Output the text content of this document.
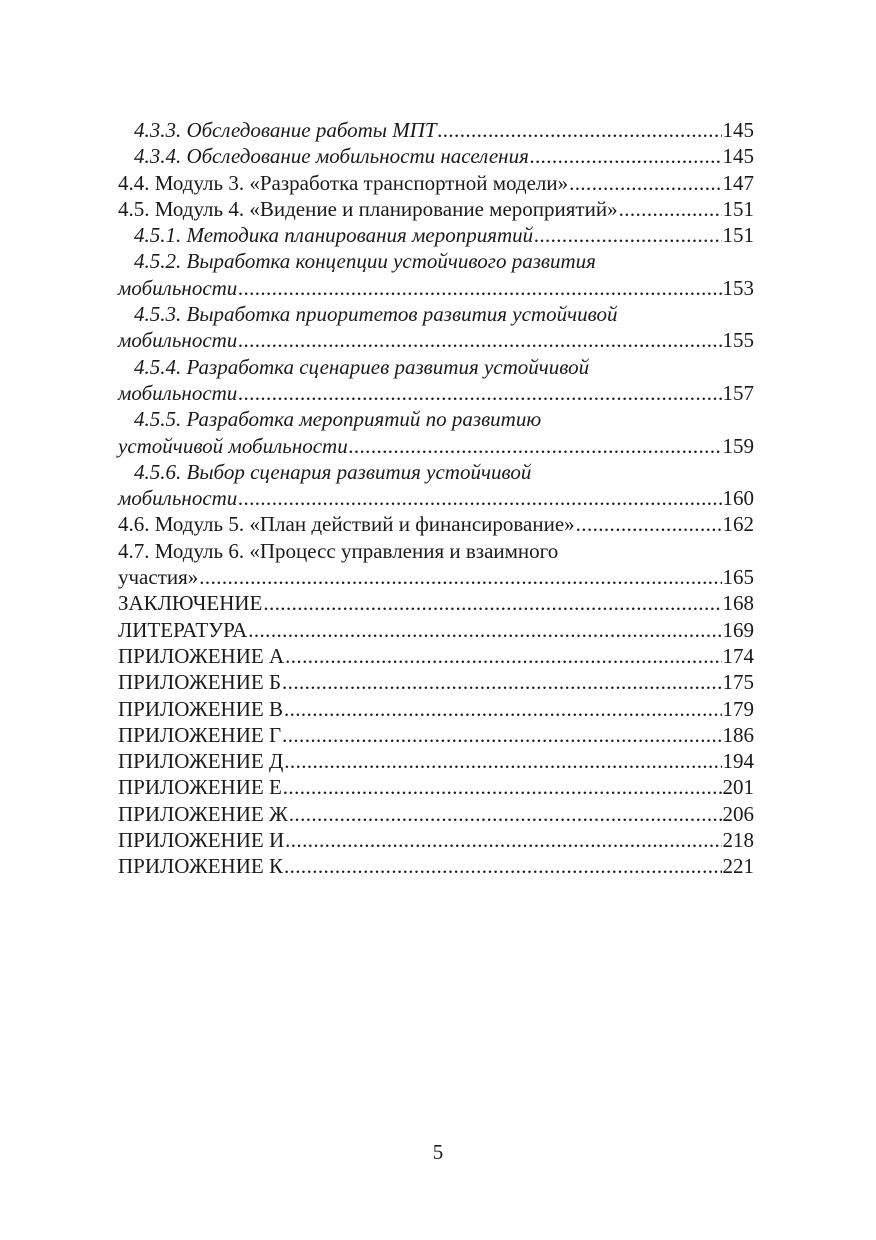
4.3.3. Обследование работы МПТ .....	145
4.3.4. Обследование мобильности населения .....	145
4.4. Модуль 3. «Разработка транспортной модели» .....	147
4.5. Модуль 4. «Видение и планирование мероприятий» .....	151
4.5.1. Методика планирования мероприятий .....	151
4.5.2. Выработка концепции устойчивого развития
мобильности .....	153
4.5.3. Выработка приоритетов развития устойчивой
мобильности .....	155
4.5.4. Разработка сценариев развития устойчивой
мобильности .....	157
4.5.5. Разработка мероприятий по развитию
устойчивой мобильности .....	159
4.5.6. Выбор сценария развития устойчивой
мобильности .....	160
4.6. Модуль 5. «План действий и финансирование» .....	162
4.7. Модуль 6. «Процесс управления и взаимного
участия» .....	165
ЗАКЛЮЧЕНИЕ .....	168
ЛИТЕРАТУРА .....	169
ПРИЛОЖЕНИЕ А .....	174
ПРИЛОЖЕНИЕ Б .....	175
ПРИЛОЖЕНИЕ В .....	179
ПРИЛОЖЕНИЕ Г .....	186
ПРИЛОЖЕНИЕ Д .....	194
ПРИЛОЖЕНИЕ Е .....	201
ПРИЛОЖЕНИЕ Ж .....	206
ПРИЛОЖЕНИЕ И .....	218
ПРИЛОЖЕНИЕ К .....	221
5
